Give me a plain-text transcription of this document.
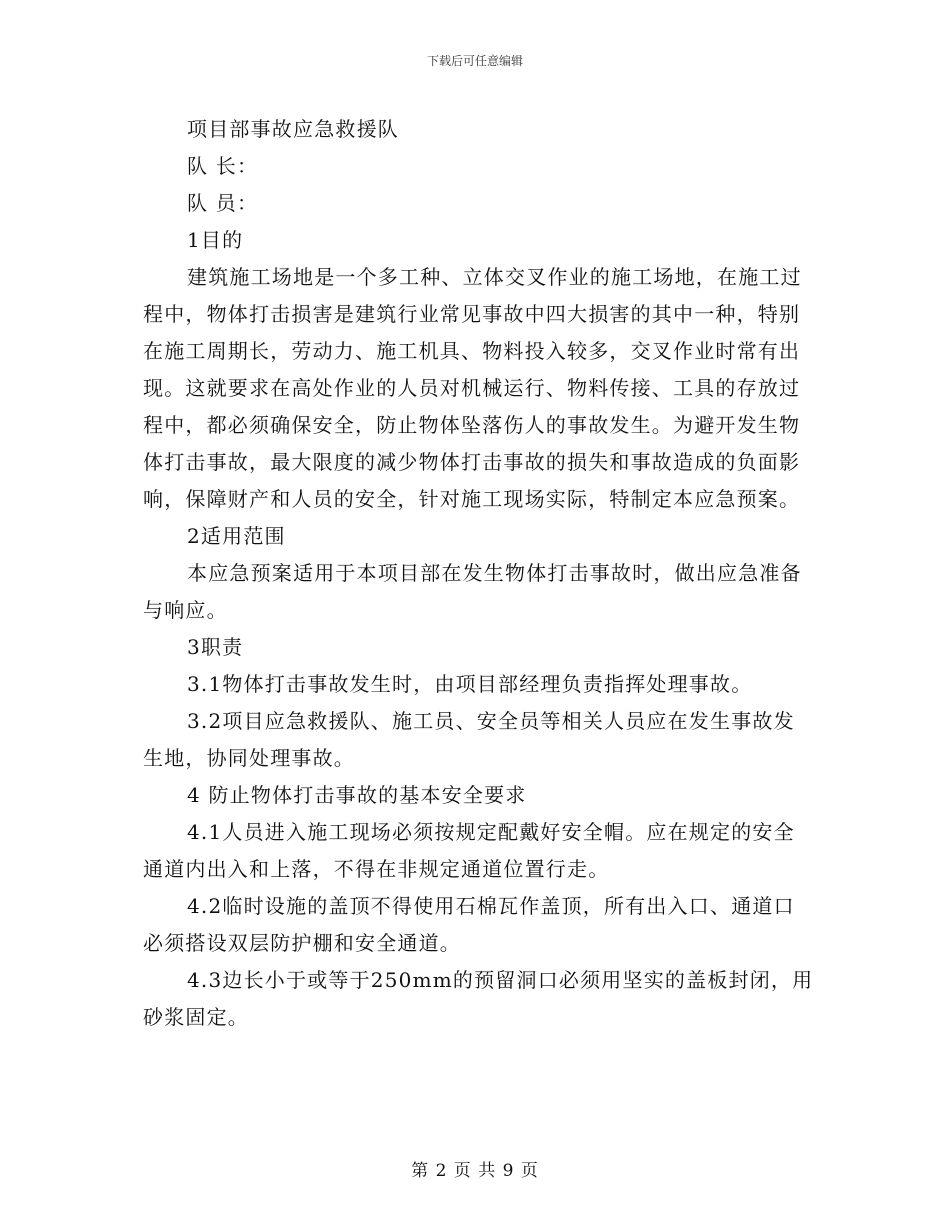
下载后可任意编辑

项目部事故应急救援队

队 长：

队 员：

1目的

建筑施工场地是一个多工种、立体交叉作业的施工场地，在施工过程中，物体打击损害是建筑行业常见事故中四大损害的其中一种，特别在施工周期长，劳动力、施工机具、物料投入较多，交叉作业时常有出现。这就要求在高处作业的人员对机械运行、物料传接、工具的存放过程中，都必须确保安全，防止物体坠落伤人的事故发生。为避开发生物体打击事故，最大限度的减少物体打击事故的损失和事故造成的负面影响，保障财产和人员的安全，针对施工现场实际，特制定本应急预案。

2适用范围

本应急预案适用于本项目部在发生物体打击事故时，做出应急准备与响应。

3职责

3.1物体打击事故发生时，由项目部经理负责指挥处理事故。

3.2项目应急救援队、施工员、安全员等相关人员应在发生事故发生地，协同处理事故。

4 防止物体打击事故的基本安全要求

4.1人员进入施工现场必须按规定配戴好安全帽。应在规定的安全通道内出入和上落，不得在非规定通道位置行走。

4.2临时设施的盖顶不得使用石棉瓦作盖顶，所有出入口、通道口必须搭设双层防护棚和安全通道。

4.3边长小于或等于250mm的预留洞口必须用坚实的盖板封闭，用砂浆固定。

第 2 页 共 9 页
